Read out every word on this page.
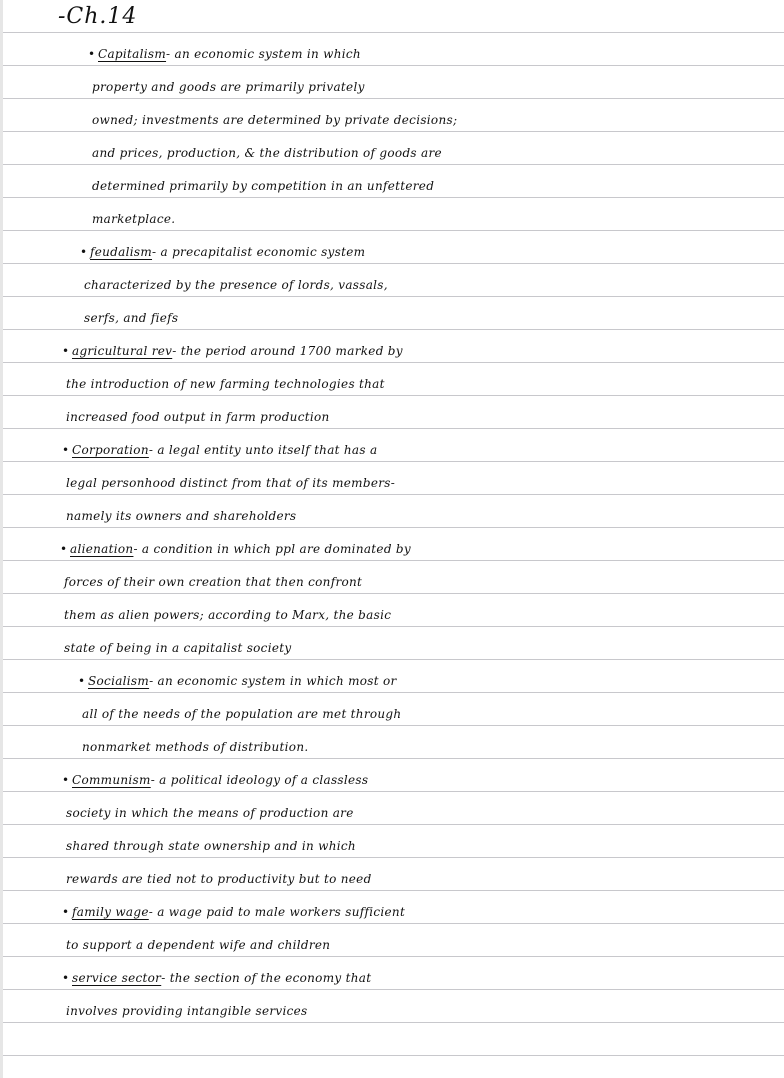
-Ch.14
• Capitalism- an economic system in which
property and goods are primarily privately
owned; investments are determined by private decisions;
and prices, production, & the distribution of goods are
determined primarily by competition in an unfettered
marketplace.
• feudalism- a precapitalist economic system
characterized by the presence of lords, vassals,
serfs, and fiefs
• agricultural rev- the period around 1700 marked by
the introduction of new farming technologies that
increased food output in farm production
• Corporation- a legal entity unto itself that has a
legal personhood distinct from that of its members-
namely its owners and shareholders
• alienation- a condition in which ppl are dominated by
forces of their own creation that then confront
them as alien powers; according to Marx, the basic
state of being in a capitalist society
• Socialism- an economic system in which most or
all of the needs of the population are met through
nonmarket methods of distribution.
• Communism- a political ideology of a classless
society in which the means of production are
shared through state ownership and in which
rewards are tied not to productivity but to need
• family wage- a wage paid to male workers sufficient
to support a dependent wife and children
• service sector- the section of the economy that
involves providing intangible services
